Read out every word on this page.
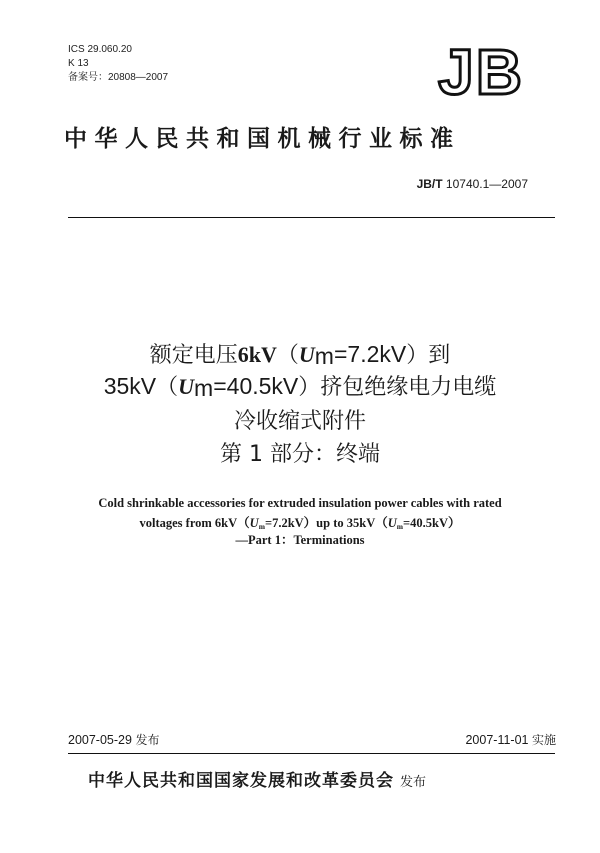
ICS 29.060.20
K 13
备案号：20808—2007	JB
中华人民共和国机械行业标准
JB/T 10740.1—2007
额定电压$6kV(U_m=7.2kV)$到
$35kV(U_m=40.5kV)$挤包绝缘电力电缆
冷收缩式附件
第 1 部分：终端
Cold shrinkable accessories for extruded insulation power cables with rated
voltages from $6kV(U_m=7.2kV)up$ to $35kV(U_m=40.5kV)$
—Part 1：Terminations
2007-05-29 发布	2007-11-01 实施
中华人民共和国国家发展和改革委员会 发布
